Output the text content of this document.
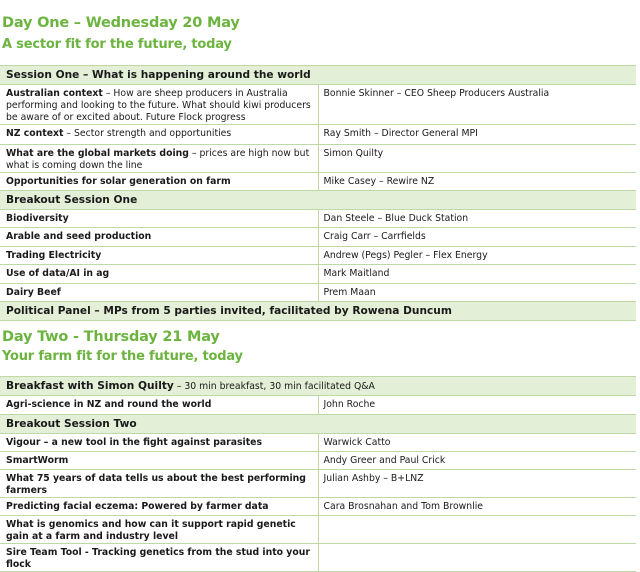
Day One – Wednesday 20 May
A sector fit for the future, today
Session One – What is happening around the world	
Australian context – How are sheep producers in Australia performing and looking to the future. What should kiwi producers be aware of or excited about. Future Flock progress	Bonnie Skinner – CEO Sheep Producers Australia
NZ context – Sector strength and opportunities	Ray Smith – Director General MPI
What are the global markets doing – prices are high now but what is coming down the line	Simon Quilty
Opportunities for solar generation on farm	Mike Casey – Rewire NZ
Breakout Session One	
Biodiversity	Dan Steele – Blue Duck Station
Arable and seed production	Craig Carr – Carrfields
Trading Electricity	Andrew (Pegs) Pegler – Flex Energy
Use of data/AI in ag	Mark Maitland
Dairy Beef	Prem Maan
Political Panel – MPs from 5 parties invited, facilitated by Rowena Duncum	
Day Two - Thursday 21 May
Your farm fit for the future, today
Breakfast with Simon Quilty – 30 min breakfast, 30 min facilitated Q&A	
Agri-science in NZ and round the world	John Roche
Breakout Session Two	
Vigour – a new tool in the fight against parasites	Warwick Catto
SmartWorm	Andy Greer and Paul Crick
What 75 years of data tells us about the best performing farmers	Julian Ashby – B+LNZ
Predicting facial eczema: Powered by farmer data	Cara Brosnahan and Tom Brownlie
What is genomics and how can it support rapid genetic gain at a farm and industry level	
Sire Team Tool - Tracking genetics from the stud into your flock	
